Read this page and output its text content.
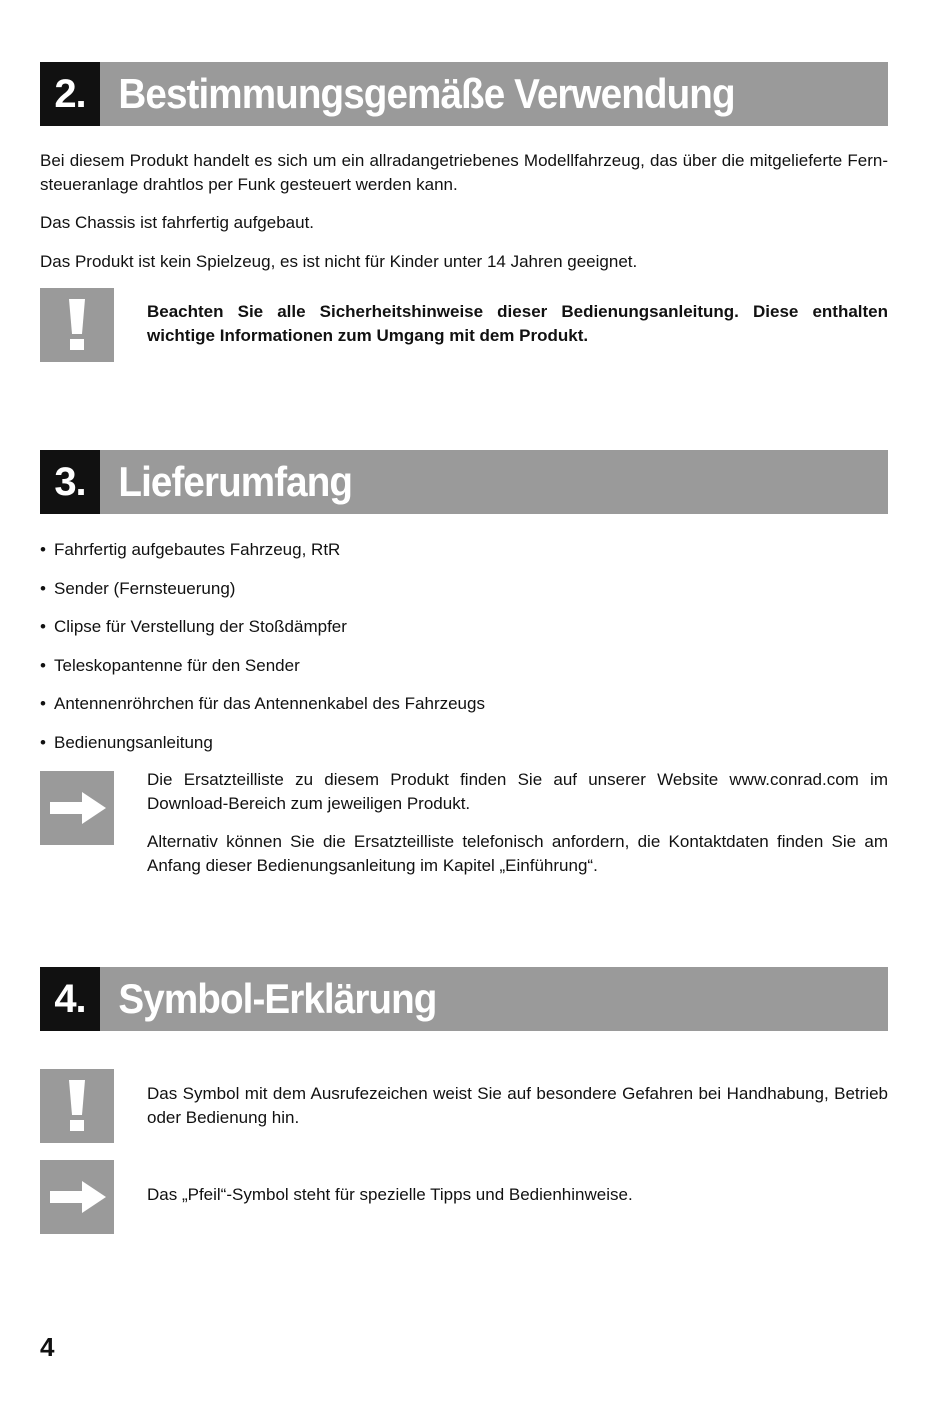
2. Bestimmungsgemäße Verwendung

Bei diesem Produkt handelt es sich um ein allradangetriebenes Modellfahrzeug, das über die mitgelieferte Fernsteueranlage drahtlos per Funk gesteuert werden kann.

Das Chassis ist fahrfertig aufgebaut.

Das Produkt ist kein Spielzeug, es ist nicht für Kinder unter 14 Jahren geeignet.

Beachten Sie alle Sicherheitshinweise dieser Bedienungsanleitung. Diese enthalten wichtige Informationen zum Umgang mit dem Produkt.

3. Lieferumfang
• Fahrfertig aufgebautes Fahrzeug, RtR
• Sender (Fernsteuerung)
• Clipse für Verstellung der Stoßdämpfer
• Teleskopantenne für den Sender
• Antennenröhrchen für das Antennenkabel des Fahrzeugs
• Bedienungsanleitung

Die Ersatzteilliste zu diesem Produkt finden Sie auf unserer Website www.conrad.com im Download-Bereich zum jeweiligen Produkt.

Alternativ können Sie die Ersatzteilliste telefonisch anfordern, die Kontaktdaten finden Sie am Anfang dieser Bedienungsanleitung im Kapitel „Einführung“.

4. Symbol-Erklärung

Das Symbol mit dem Ausrufezeichen weist Sie auf besondere Gefahren bei Handhabung, Betrieb oder Bedienung hin.

Das „Pfeil“-Symbol steht für spezielle Tipps und Bedienhinweise.

4
